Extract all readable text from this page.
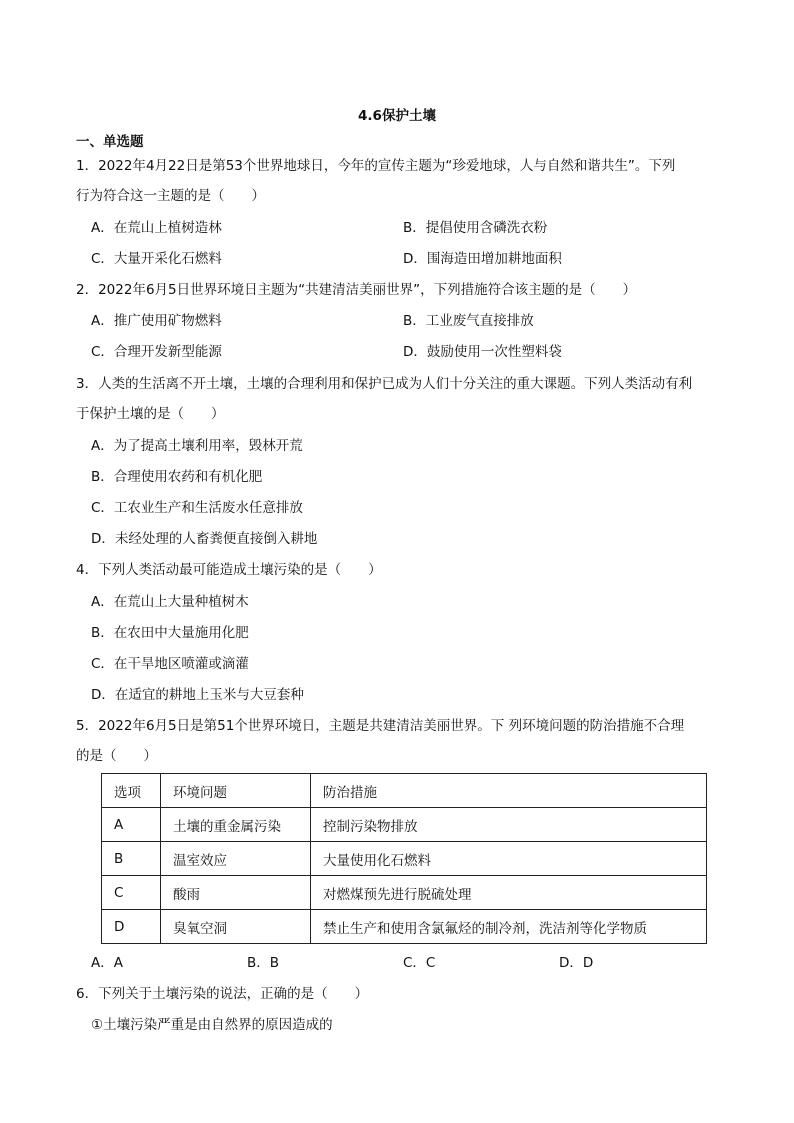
4.6保护土壤
一、单选题
1．2022年4月22日是第53个世界地球日，今年的宣传主题为“珍爱地球，人与自然和谐共生”。下列
行为符合这一主题的是（　　）
A．在荒山上植树造林	B．提倡使用含磷洗衣粉
C．大量开采化石燃料	D．围海造田增加耕地面积
2．2022年6月5日世界环境日主题为“共建清洁美丽世界”，下列措施符合该主题的是（　　）
A．推广使用矿物燃料	B．工业废气直接排放
C．合理开发新型能源	D．鼓励使用一次性塑料袋
3．人类的生活离不开土壤，土壤的合理利用和保护已成为人们十分关注的重大课题。下列人类活动有利
于保护土壤的是（　　）
A．为了提高土壤利用率，毁林开荒
B．合理使用农药和有机化肥
C．工农业生产和生活废水任意排放
D．未经处理的人畜粪便直接倒入耕地
4．下列人类活动最可能造成土壤污染的是（　　）
A．在荒山上大量种植树木
B．在农田中大量施用化肥
C．在干旱地区喷灌或滴灌
D．在适宜的耕地上玉米与大豆套种
5．2022年6月5日是第51个世界环境日，主题是共建清洁美丽世界。下 列环境问题的防治措施不合理
的是（　　）
选项	环境问题	防治措施
A	土壤的重金属污染	控制污染物排放
B	温室效应	大量使用化石燃料
C	酸雨	对燃煤预先进行脱硫处理
D	臭氧空洞	禁止生产和使用含氯氟烃的制冷剂，洗洁剂等化学物质
A．A	B．B	C．C	D．D
6．下列关于土壤污染的说法，正确的是（　　）
①土壤污染严重是由自然界的原因造成的
